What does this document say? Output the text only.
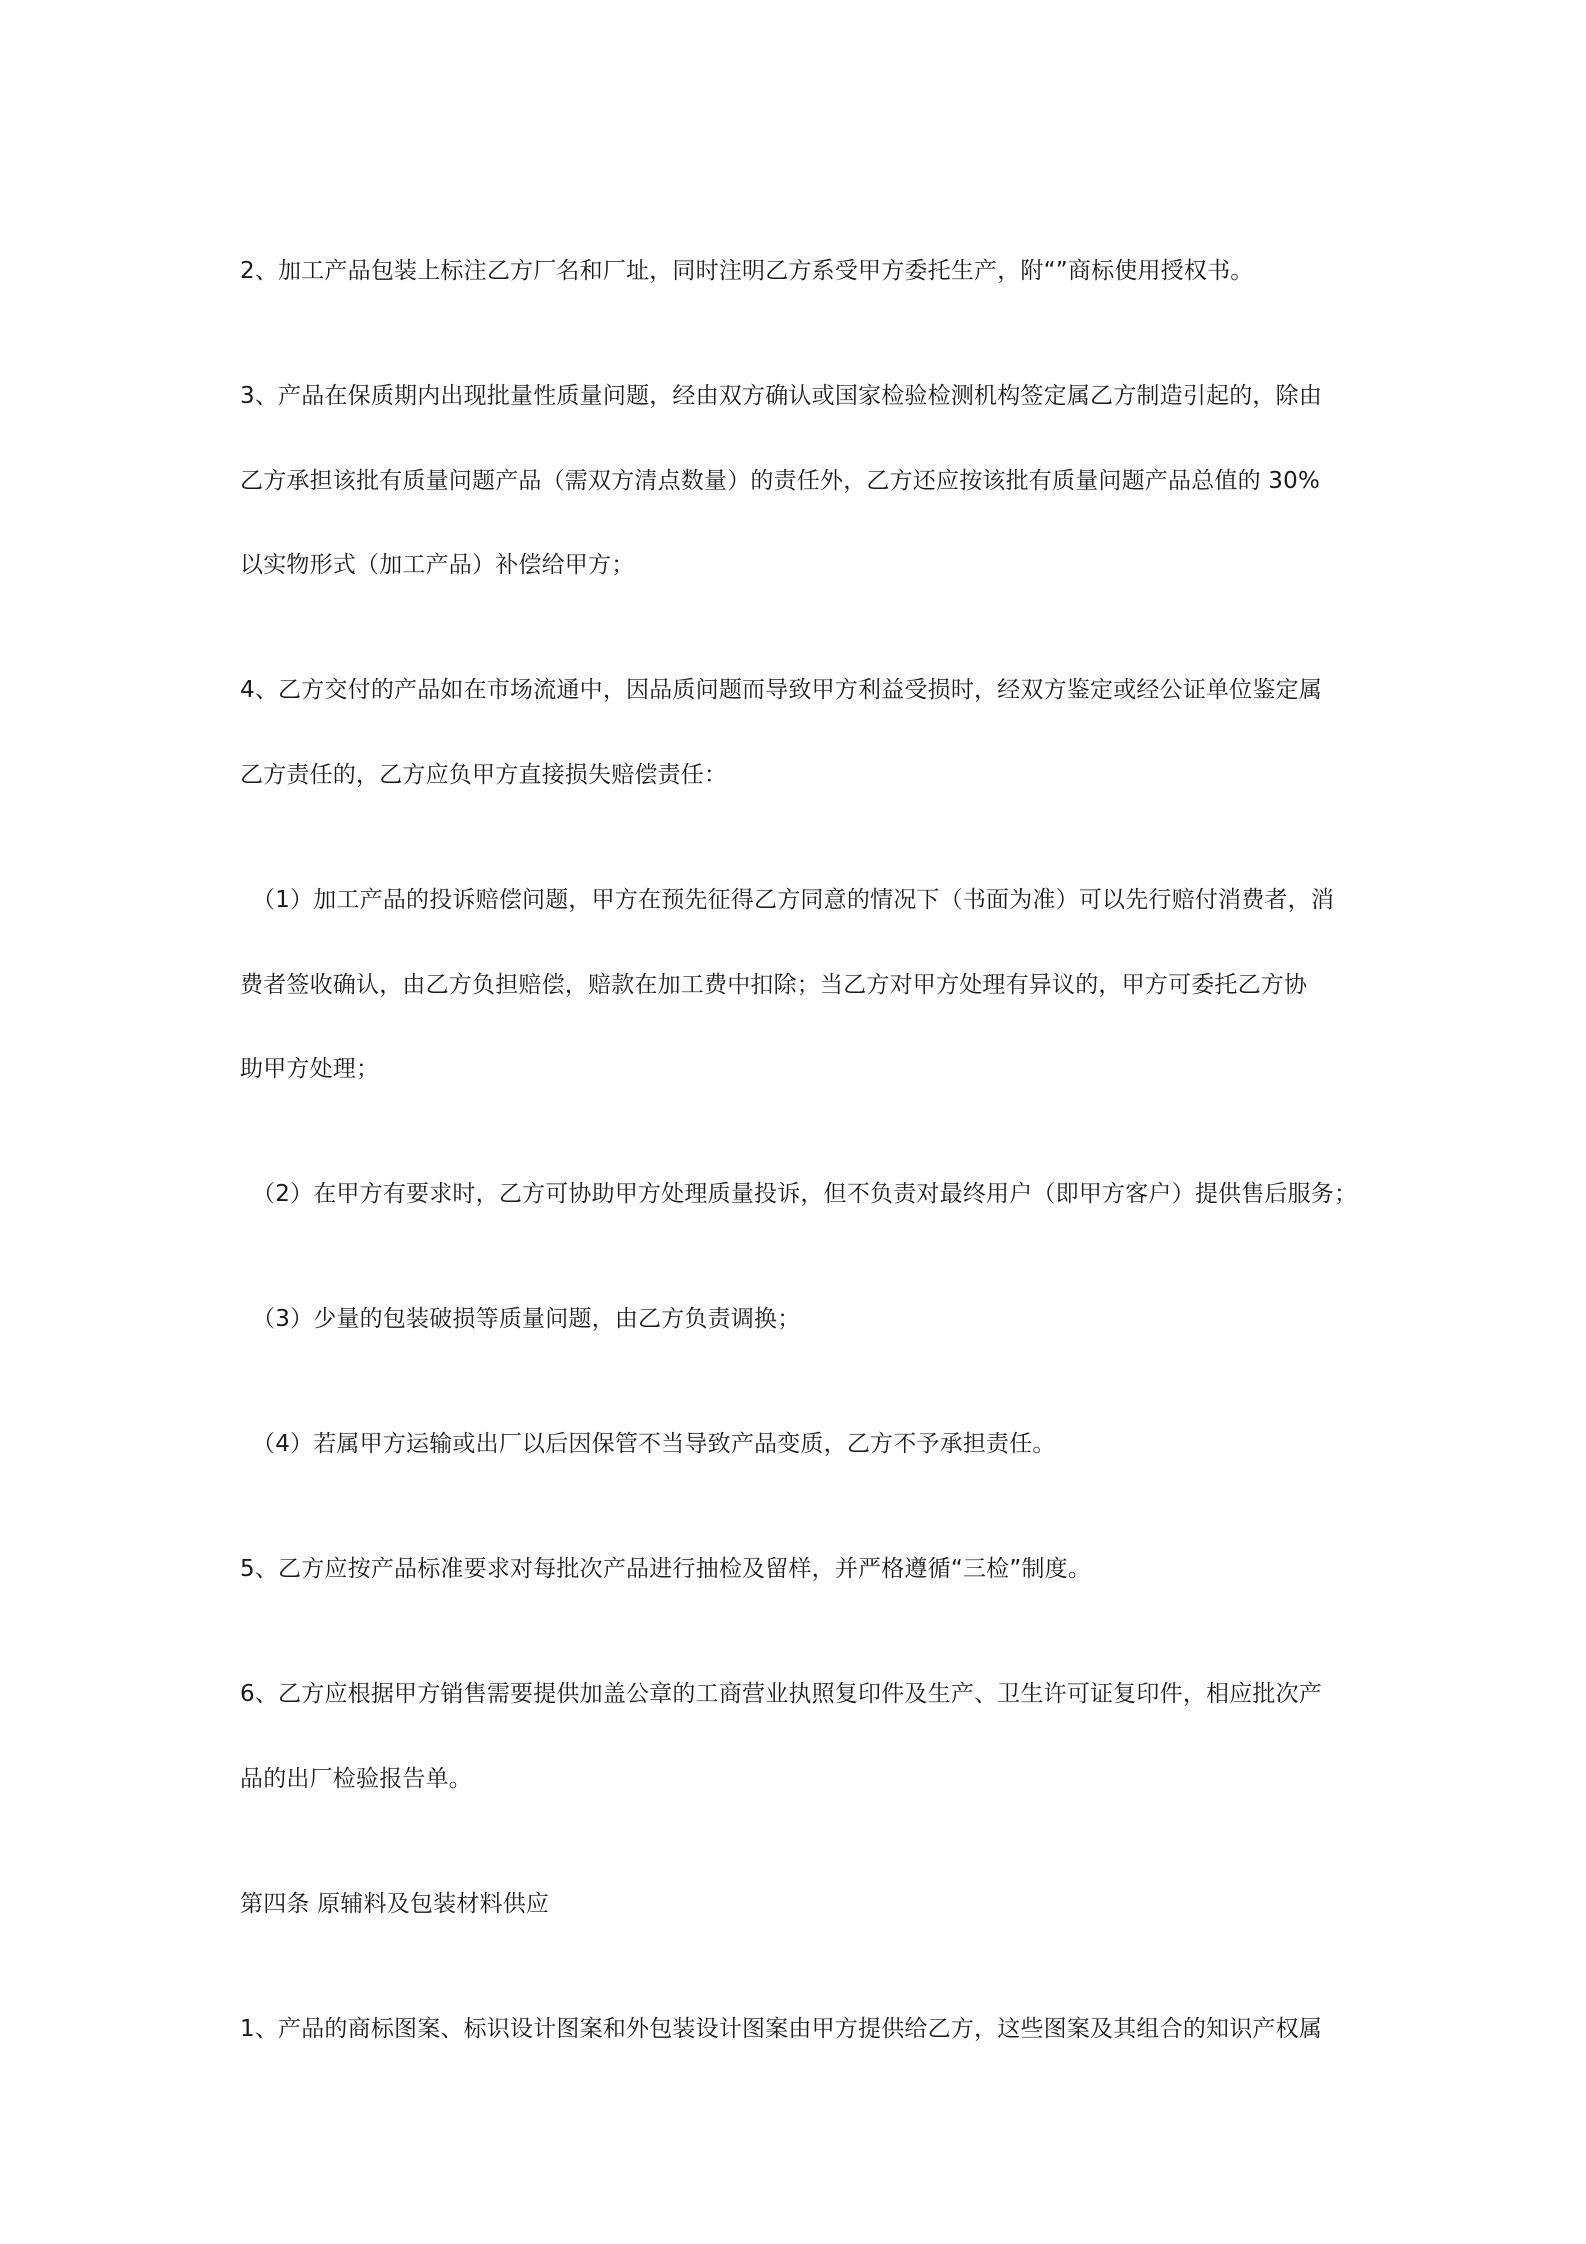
2、加工产品包装上标注乙方厂名和厂址，同时注明乙方系受甲方委托生产，附“”商标使用授权书。
3、产品在保质期内出现批量性质量问题，经由双方确认或国家检验检测机构签定属乙方制造引起的，除由
乙方承担该批有质量问题产品（需双方清点数量）的责任外，乙方还应按该批有质量问题产品总值的 30%
以实物形式（加工产品）补偿给甲方；
4、乙方交付的产品如在市场流通中，因品质问题而导致甲方利益受损时，经双方鉴定或经公证单位鉴定属
乙方责任的，乙方应负甲方直接损失赔偿责任：
（1）加工产品的投诉赔偿问题，甲方在预先征得乙方同意的情况下（书面为准）可以先行赔付消费者，消
费者签收确认，由乙方负担赔偿，赔款在加工费中扣除；当乙方对甲方处理有异议的，甲方可委托乙方协
助甲方处理；
（2）在甲方有要求时，乙方可协助甲方处理质量投诉，但不负责对最终用户（即甲方客户）提供售后服务；
（3）少量的包装破损等质量问题，由乙方负责调换；
（4）若属甲方运输或出厂以后因保管不当导致产品变质，乙方不予承担责任。
5、乙方应按产品标准要求对每批次产品进行抽检及留样，并严格遵循“三检”制度。
6、乙方应根据甲方销售需要提供加盖公章的工商营业执照复印件及生产、卫生许可证复印件，相应批次产
品的出厂检验报告单。
第四条 原辅料及包装材料供应
1、产品的商标图案、标识设计图案和外包装设计图案由甲方提供给乙方，这些图案及其组合的知识产权属
